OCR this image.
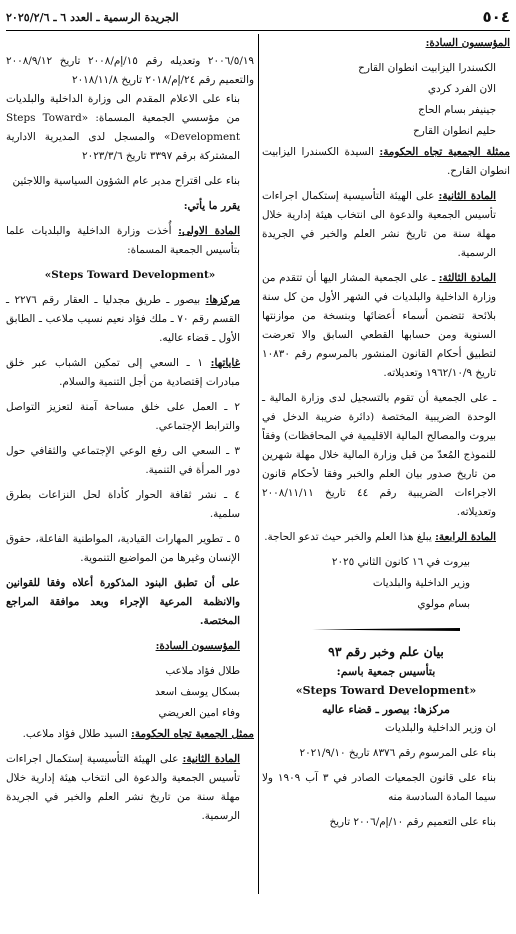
٥٠٤
الجريدة الرسمية ـ العدد ٦ ـ ٢٠٢٥/٢/٦

المؤسسون السادة:

الكسندرا اليزابيت انطوان القارح

الان الفرد كردي

جينيفر بسام الحاج

حليم انطوان القارح

ممثلة الجمعية تجاه الحكومة: السيدة الكسندرا اليزابيت انطوان القارح.

المادة الثانية: على الهيئة التأسيسية إستكمال اجراءات تأسيس الجمعية والدعوة الى انتخاب هيئة إدارية خلال مهلة سنة من تاريخ نشر العلم والخبر في الجريدة الرسمية.

المادة الثالثة: ـ على الجمعية المشار اليها أن تتقدم من وزارة الداخلية والبلديات في الشهر الأول من كل سنة بلائحة تتضمن أسماء أعضائها وبنسخة من موازنتها السنوية ومن حسابها القطعي السابق والا تعرضت لتطبيق أحكام القانون المنشور بالمرسوم رقم ١٠٨٣٠ تاريخ ١٩٦٢/١٠/٩ وتعديلاته.

ـ على الجمعية أن تقوم بالتسجيل لدى وزارة المالية ـ الوحدة الضريبية المختصة (دائرة ضريبة الدخل في بيروت والمصالح المالية الاقليمية في المحافظات) وفقاً للنموذج المُعدّ من قبل وزارة المالية خلال مهلة شهرين من تاريخ صدور بيان العلم والخبر وفقا لأحكام قانون الاجراءات الضريبية رقم ٤٤ تاريخ ٢٠٠٨/١١/١١ وتعديلاته.

المادة الرابعة: يبلغ هذا العلم والخبر حيث تدعو الحاجة.

بيروت في ١٦ كانون الثاني ٢٠٢٥

وزير الداخلية والبلديات

بسام مولوي

بيان علم وخبر رقم ٩٣

بتأسيس جمعية باسم:

«Steps Toward Development»

مركزها: بيصور ـ قضاء عاليه

ان وزير الداخلية والبلديات

بناء على المرسوم رقم ٨٣٧٦ تاريخ ٢٠٢١/٩/١٠

بناء على قانون الجمعيات الصادر في ٣ آب ١٩٠٩ ولا سيما المادة السادسة منه

بناء على التعميم رقم ١٠/إم/٢٠٠٦ تاريخ

٢٠٠٦/٥/١٩ وتعديله رقم ١٥/إم/٢٠٠٨ تاريخ ٢٠٠٨/٩/١٢ والتعميم رقم ٢٤/إم/٢٠١٨ تاريخ ٢٠١٨/١١/٨

بناء على الاعلام المقدم الى وزارة الداخلية والبلديات من مؤسسي الجمعية المسماة: «Steps Toward Development» والمسجل لدى المديرية الادارية المشتركة برقم ٣٣٩٧ تاريخ ٢٠٢٣/٣/٦

بناء على اقتراح مدير عام الشؤون السياسية واللاجئين

يقرر ما يأتي:

المادة الاولى: أُخذت وزارة الداخلية والبلديات علما بتأسيس الجمعية المسماة:

«Steps Toward Development»

مركزها: بيصور ـ طريق مجدليا ـ العقار رقم ٢٢٧٦ ـ القسم رقم ٧٠ ـ ملك فؤاد نعيم نسيب ملاعب ـ الطابق الأول ـ قضاء عاليه.

غاياتها: ١ ـ السعي إلى تمكين الشباب عبر خلق مبادرات إقتصادية من أجل التنمية والسلام.

٢ ـ العمل على خلق مساحة آمنة لتعزيز التواصل والترابط الإجتماعي.

٣ ـ السعي الى رفع الوعي الإجتماعي والثقافي حول دور المرأة في التنمية.

٤ ـ نشر ثقافة الحوار كأداة لحل النزاعات بطرق سلمية.

٥ ـ تطوير المهارات القيادية، المواطنية الفاعلة، حقوق الإنسان وغيرها من المواضيع التنموية.

على أن تطبق البنود المذكورة أعلاه وفقا للقوانين والانظمة المرعية الإجراء وبعد موافقة المراجع المختصة.

المؤسسون السادة:

طلال فؤاد ملاعب

بسكال يوسف اسعد

وفاء امين العريضي

ممثل الجمعية تجاه الحكومة: السيد طلال فؤاد ملاعب.

المادة الثانية: على الهيئة التأسيسية إستكمال اجراءات تأسيس الجمعية والدعوة الى انتخاب هيئة إدارية خلال مهلة سنة من تاريخ نشر العلم والخبر في الجريدة الرسمية.
